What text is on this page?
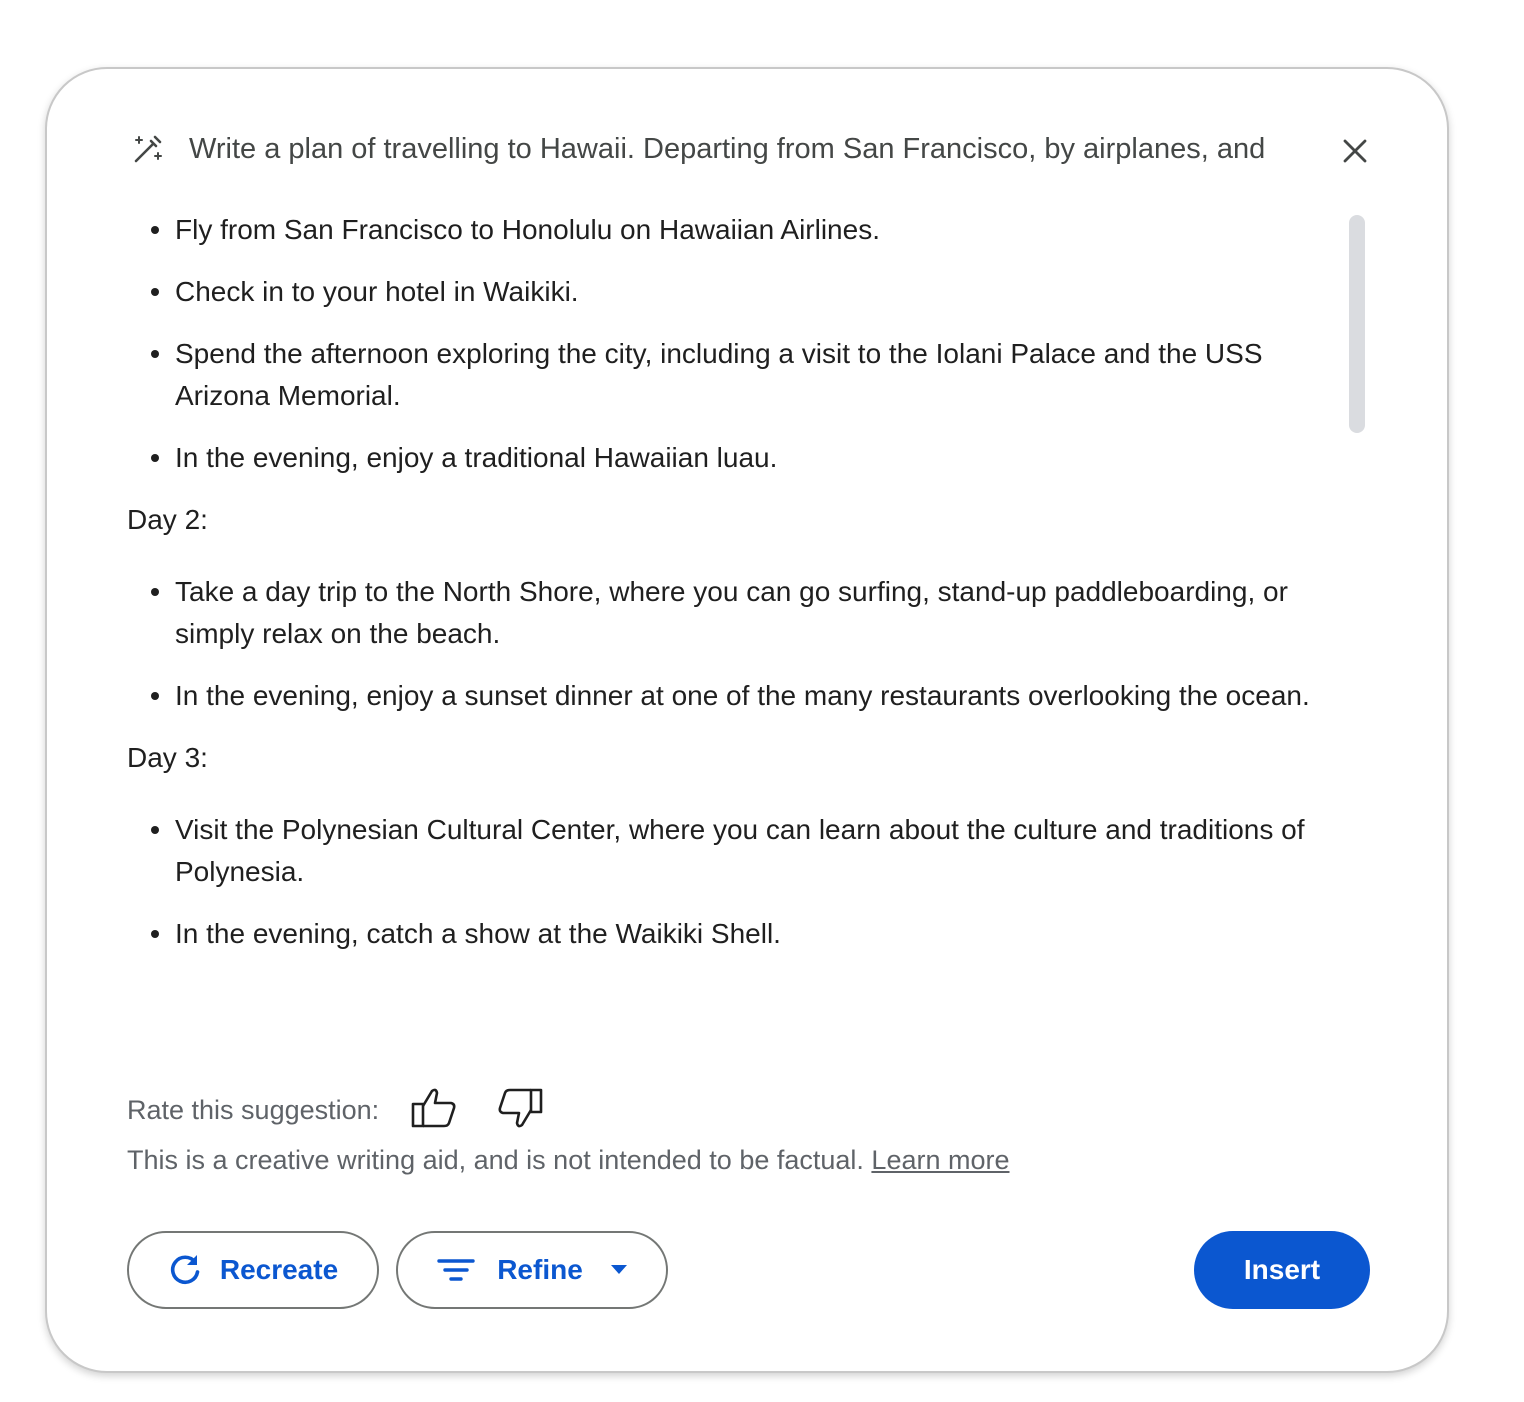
Write a plan of travelling to Hawaii. Departing from San Francisco, by airplanes, and
Fly from San Francisco to Honolulu on Hawaiian Airlines.
Check in to your hotel in Waikiki.
Spend the afternoon exploring the city, including a visit to the Iolani Palace and the USS Arizona Memorial.
In the evening, enjoy a traditional Hawaiian luau.
Day 2:
Take a day trip to the North Shore, where you can go surfing, stand-up paddleboarding, or simply relax on the beach.
In the evening, enjoy a sunset dinner at one of the many restaurants overlooking the ocean.
Day 3:
Visit the Polynesian Cultural Center, where you can learn about the culture and traditions of Polynesia.
In the evening, catch a show at the Waikiki Shell.
Rate this suggestion:
This is a creative writing aid, and is not intended to be factual. Learn more
Recreate	Refine	Insert
